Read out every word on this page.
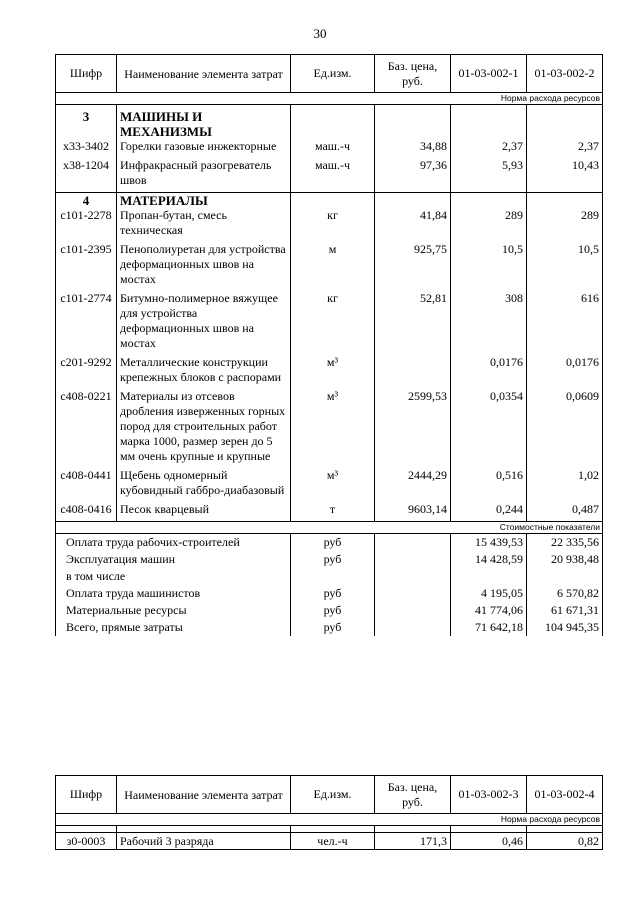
30
Шифр	Наименование элемента затрат	Ед.изм.	Баз. цена, руб.	01-03-002-1	01-03-002-2
Норма расхода ресурсов					

3	МАШИНЫ И МЕХАНИЗМЫ				
х33-3402	Горелки газовые инжекторные	маш.-ч	34,88	2,37	2,37
х38-1204	Инфракрасный разогреватель швов	маш.-ч	97,36	5,93	10,43
4	МАТЕРИАЛЫ				
с101-2278	Пропан-бутан, смесь техническая	кг	41,84	289	289
с101-2395	Пенополиуретан для устройства деформационных швов на мостах	м	925,75	10,5	10,5
с101-2774	Битумно-полимерное вяжущее для устройства деформационных швов на мостах	кг	52,81	308	616
с201-9292	Металлические конструкции крепежных блоков с распорами	м³		0,0176	0,0176
с408-0221	Материалы из отсевов дробления изверженных горных пород для строительных работ марка 1000, размер зерен до 5 мм очень крупные и крупные	м³	2599,53	0,0354	0,0609
с408-0441	Щебень одномерный кубовидный габбро-диабазовый	м³	2444,29	0,516	1,02
с408-0416	Песок кварцевый	т	9603,14	0,244	0,487
Стоимостные показатели					
Оплата труда рабочих-строителей		руб		15 439,53	22 335,56
Эксплуатация машин		руб		14 428,59	20 938,48
в том числе					
Оплата труда машинистов		руб		4 195,05	6 570,82
Материальные ресурсы		руб		41 774,06	61 671,31
Всего, прямые затраты		руб		71 642,18	104 945,35
Шифр	Наименование элемента затрат	Ед.изм.	Баз. цена, руб.	01-03-002-3	01-03-002-4
Норма расхода ресурсов					

з0-0003	Рабочий 3 разряда	чел.-ч	171,3	0,46	0,82
